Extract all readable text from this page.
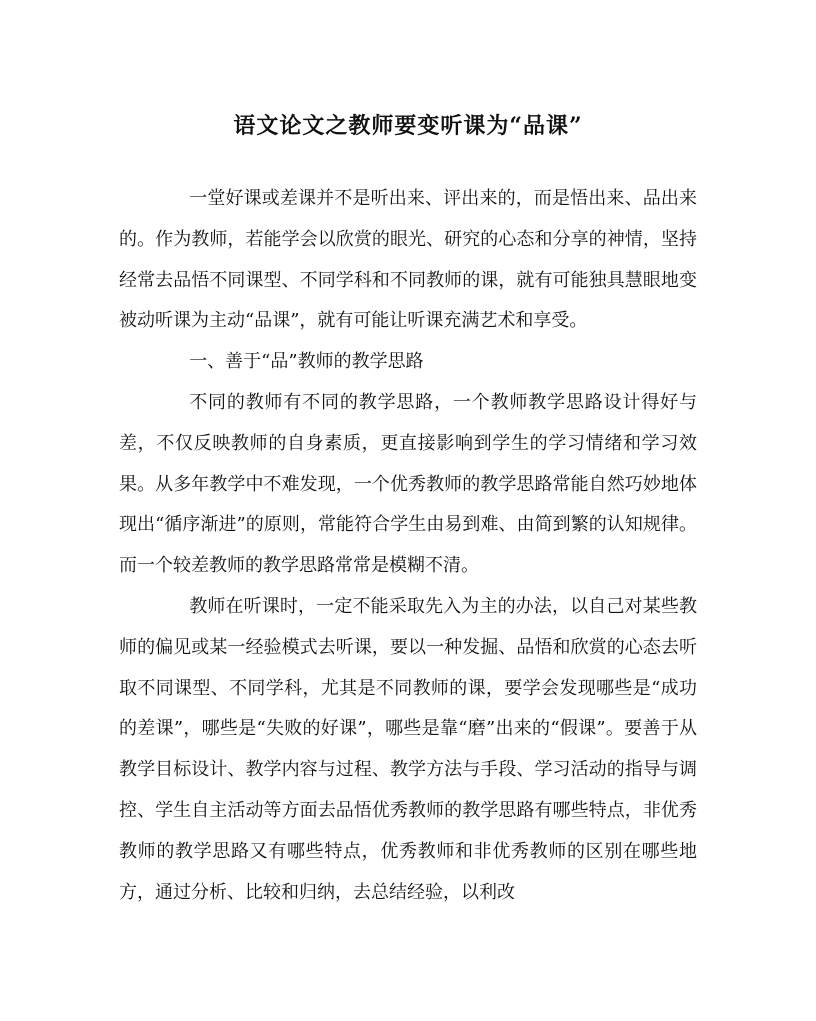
语文论文之教师要变听课为“品课”

一堂好课或差课并不是听出来、评出来的，而是悟出来、品出来的。作为教师，若能学会以欣赏的眼光、研究的心态和分享的神情，坚持经常去品悟不同课型、不同学科和不同教师的课，就有可能独具慧眼地变被动听课为主动“品课”，就有可能让听课充满艺术和享受。

一、善于“品”教师的教学思路

不同的教师有不同的教学思路，一个教师教学思路设计得好与差，不仅反映教师的自身素质，更直接影响到学生的学习情绪和学习效果。从多年教学中不难发现，一个优秀教师的教学思路常能自然巧妙地体现出“循序渐进”的原则，常能符合学生由易到难、由简到繁的认知规律。而一个较差教师的教学思路常常是模糊不清。

教师在听课时，一定不能采取先入为主的办法，以自己对某些教师的偏见或某一经验模式去听课，要以一种发掘、品悟和欣赏的心态去听取不同课型、不同学科，尤其是不同教师的课，要学会发现哪些是“成功的差课”，哪些是“失败的好课”，哪些是靠“磨”出来的“假课”。要善于从教学目标设计、教学内容与过程、教学方法与手段、学习活动的指导与调控、学生自主活动等方面去品悟优秀教师的教学思路有哪些特点，非优秀教师的教学思路又有哪些特点，优秀教师和非优秀教师的区别在哪些地方，通过分析、比较和归纳，去总结经验，以利改
